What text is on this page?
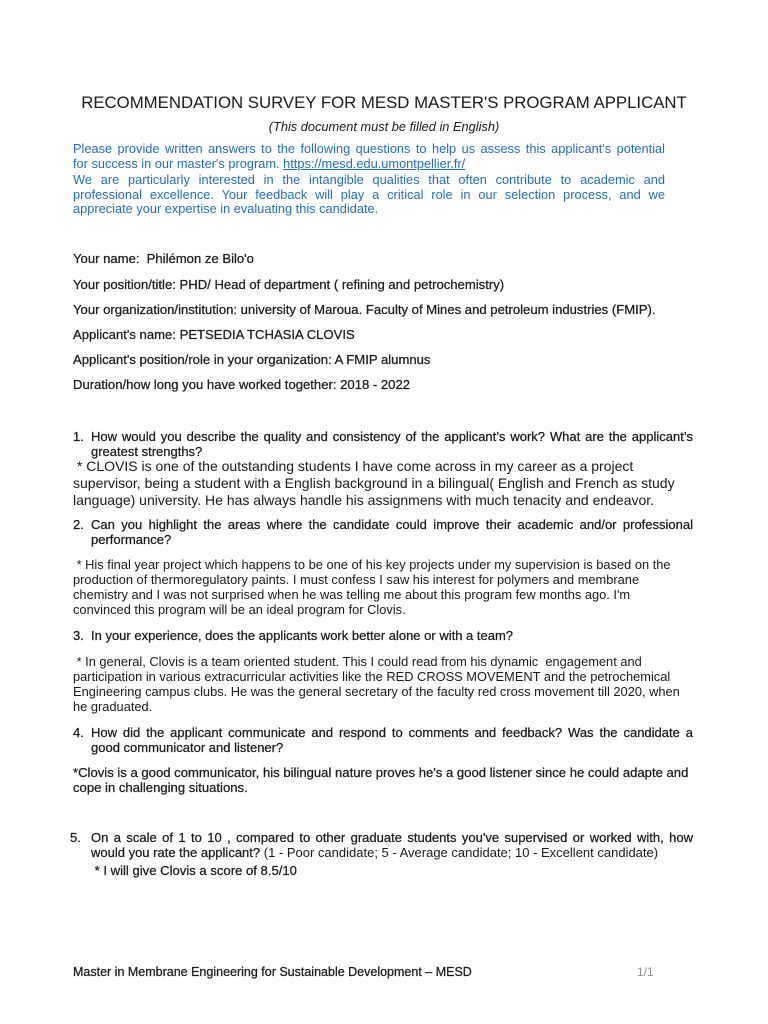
RECOMMENDATION SURVEY FOR MESD MASTER'S PROGRAM APPLICANT
(This document must be filled in English)
Please provide written answers to the following questions to help us assess this applicant's potential
for success in our master's program. https://mesd.edu.umontpellier.fr/
We are particularly interested in the intangible qualities that often contribute to academic and
professional excellence. Your feedback will play a critical role in our selection process, and we
appreciate your expertise in evaluating this candidate.
Your name: Philémon ze Bilo'o
Your position/title: PHD/ Head of department ( refining and petrochemistry)
Your organization/institution: university of Maroua. Faculty of Mines and petroleum industries (FMIP).
Applicant's name: PETSEDIA TCHASIA CLOVIS
Applicant's position/role in your organization: A FMIP alumnus
Duration/how long you have worked together: 2018 - 2022
1. How would you describe the quality and consistency of the applicant’s work? What are the applicant’s
greatest strengths?
* CLOVIS is one of the outstanding students I have come across in my career as a project
supervisor, being a student with a English background in a bilingual( English and French as study
language) university. He has always handle his assignmens with much tenacity and endeavor.
2. Can you highlight the areas where the candidate could improve their academic and/or professional
performance?
* His final year project which happens to be one of his key projects under my supervision is based on the
production of thermoregulatory paints. I must confess I saw his interest for polymers and membrane
chemistry and I was not surprised when he was telling me about this program few months ago. I'm
convinced this program will be an ideal program for Clovis.
3. In your experience, does the applicants work better alone or with a team?
* In general, Clovis is a team oriented student. This I could read from his dynamic  engagement and
participation in various extracurricular activities like the RED CROSS MOVEMENT and the petrochemical
Engineering campus clubs. He was the general secretary of the faculty red cross movement till 2020, when
he graduated.
4. How did the applicant communicate and respond to comments and feedback? Was the candidate a
good communicator and listener?
*Clovis is a good communicator, his bilingual nature proves he's a good listener since he could adapte and
cope in challenging situations.
5. On a scale of 1 to 10 , compared to other graduate students you've supervised or worked with, how
would you rate the applicant? (1 - Poor candidate; 5 - Average candidate; 10 - Excellent candidate)
* I will give Clovis a score of 8.5/10
Master in Membrane Engineering for Sustainable Development – MESD	1/1
